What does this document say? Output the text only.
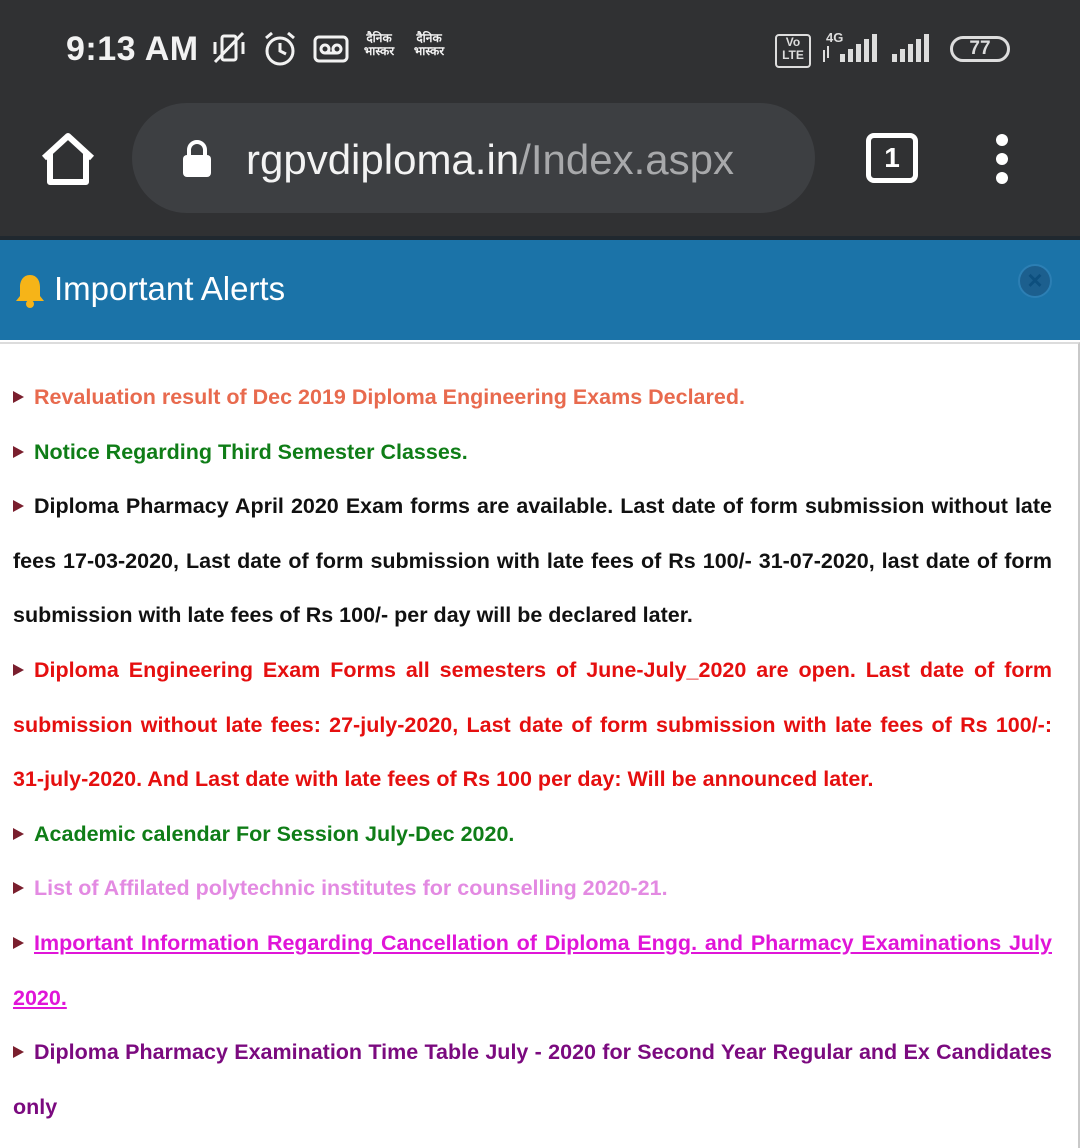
9:13 AM	दैनिक भास्कर
दैनिक भास्कर
Vo LTE
4G
77
rgpvdiploma.in/Index.aspx	1
Important Alerts	×
Revaluation result of Dec 2019 Diploma Engineering Exams Declared.
Notice Regarding Third Semester Classes.
Diploma Pharmacy April 2020 Exam forms are available. Last date of form submission without late fees 17-03-2020, Last date of form submission with late fees of Rs 100/- 31-07-2020, last date of form submission with late fees of Rs 100/- per day will be declared later.
Diploma Engineering Exam Forms all semesters of June-July_2020 are open. Last date of form submission without late fees: 27-july-2020, Last date of form submission with late fees of Rs 100/-: 31-july-2020. And Last date with late fees of Rs 100 per day: Will be announced later.
Academic calendar For Session July-Dec 2020.
List of Affilated polytechnic institutes for counselling 2020-21.
Important Information Regarding Cancellation of Diploma Engg. and Pharmacy Examinations July 2020.
Diploma Pharmacy Examination Time Table July - 2020 for Second Year Regular and Ex Candidates only
